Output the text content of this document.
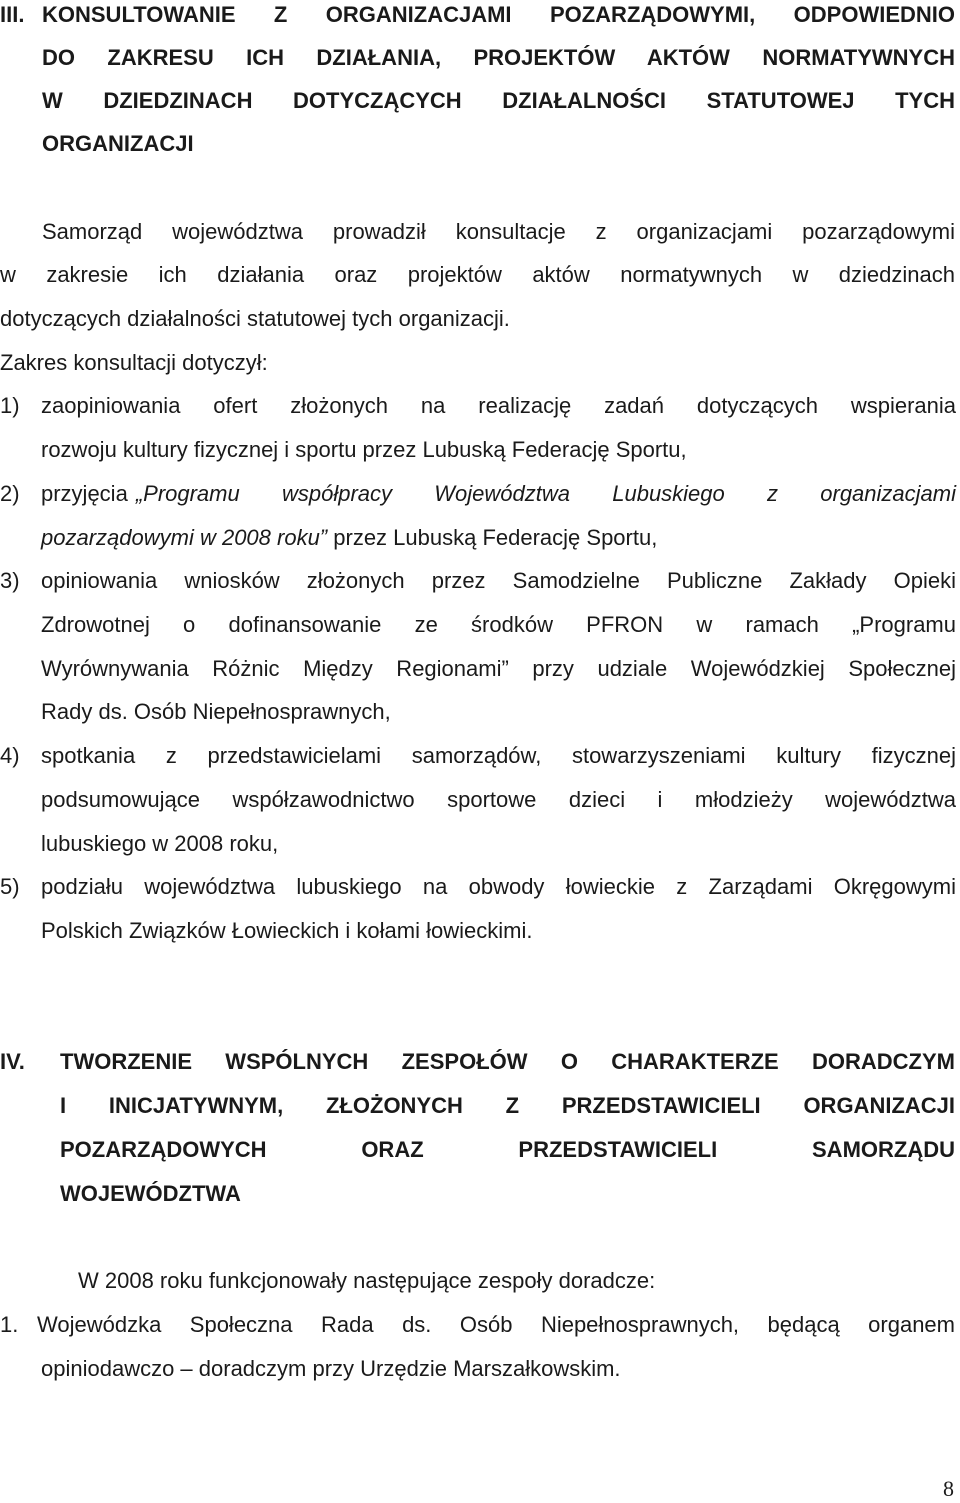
III. KONSULTOWANIE Z ORGANIZACJAMI POZARZĄDOWYMI, ODPOWIEDNIO
DO ZAKRESU ICH DZIAŁANIA, PROJEKTÓW AKTÓW NORMATYWNYCH
W DZIEDZINACH DOTYCZĄCYCH DZIAŁALNOŚCI STATUTOWEJ TYCH
ORGANIZACJI
Samorząd województwa prowadził konsultacje z organizacjami pozarządowymi
w zakresie ich działania oraz projektów aktów normatywnych w dziedzinach
dotyczących działalności statutowej tych organizacji.
Zakres konsultacji dotyczył:
1) zaopiniowania ofert złożonych na realizację zadań dotyczących wspierania
rozwoju kultury fizycznej i sportu przez Lubuską Federację Sportu,
2) przyjęcia „Programu współpracy Województwa Lubuskiego z organizacjami
pozarządowymi w 2008 roku” przez Lubuską Federację Sportu,
3) opiniowania wniosków złożonych przez Samodzielne Publiczne Zakłady Opieki
Zdrowotnej o dofinansowanie ze środków PFRON w ramach „Programu
Wyrównywania Różnic Między Regionami” przy udziale Wojewódzkiej Społecznej
Rady ds. Osób Niepełnosprawnych,
4) spotkania z przedstawicielami samorządów, stowarzyszeniami kultury fizycznej
podsumowujące współzawodnictwo sportowe dzieci i młodzieży województwa
lubuskiego w 2008 roku,
5) podziału województwa lubuskiego na obwody łowieckie z Zarządami Okręgowymi
Polskich Związków Łowieckich i kołami łowieckimi.
IV. TWORZENIE WSPÓLNYCH ZESPOŁÓW O CHARAKTERZE DORADCZYM
I INICJATYWNYM, ZŁOŻONYCH Z PRZEDSTAWICIELI ORGANIZACJI
POZARZĄDOWYCH ORAZ PRZEDSTAWICIELI SAMORZĄDU
WOJEWÓDZTWA
W 2008 roku funkcjonowały następujące zespoły doradcze:
1. Wojewódzka Społeczna Rada ds. Osób Niepełnosprawnych, będącą organem
opiniodawczo – doradczym przy Urzędzie Marszałkowskim.
8
